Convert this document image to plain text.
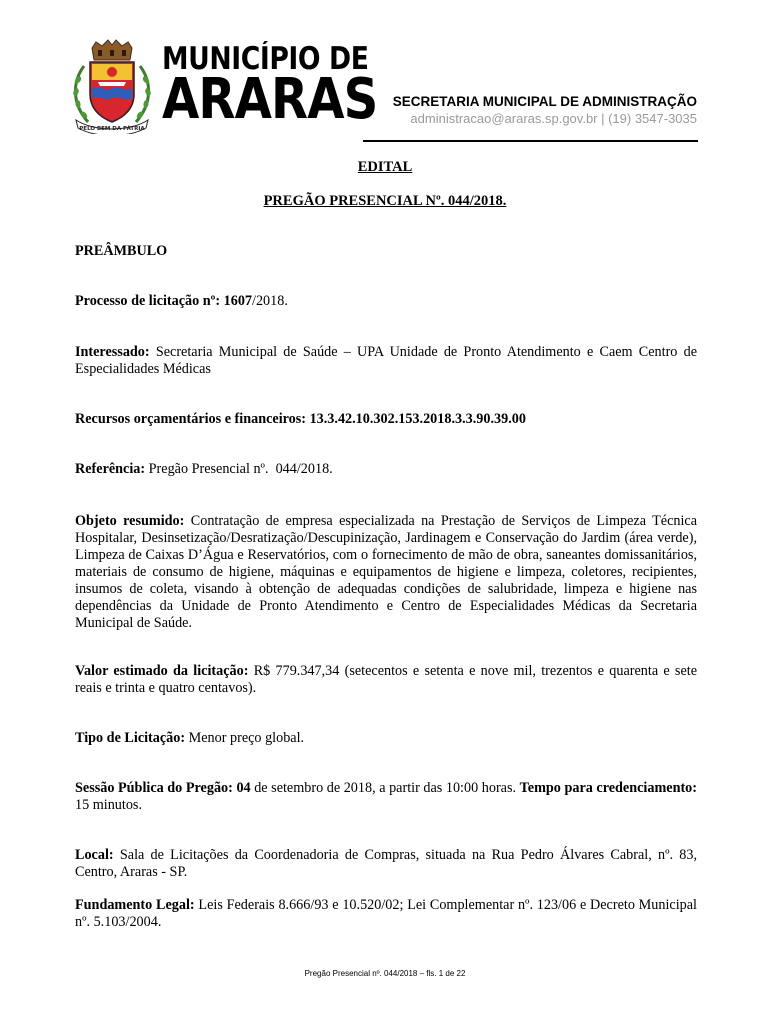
PELO BEM DA PÁTRIA
MUNICÍPIO DE
ARARAS SECRETARIA MUNICIPAL DE ADMINISTRAÇÃO
administracao@araras.sp.gov.br | (19) 3547-3035
EDITAL
PREGÃO PRESENCIAL Nº. 044/2018.
PREÂMBULO
Processo de licitação nº: 1607/2018.
Interessado: Secretaria Municipal de Saúde – UPA Unidade de Pronto Atendimento e Caem Centro de Especialidades Médicas
Recursos orçamentários e financeiros: 13.3.42.10.302.153.2018.3.3.90.39.00
Referência: Pregão Presencial nº.  044/2018.
Objeto resumido: Contratação de empresa especializada na Prestação de Serviços de Limpeza Técnica Hospitalar, Desinsetização/Desratização/Descupinização, Jardinagem e Conservação do Jardim (área verde), Limpeza de Caixas D’Água e Reservatórios, com o fornecimento de mão de obra, saneantes domissanitários, materiais de consumo de higiene, máquinas e equipamentos de higiene e limpeza, coletores, recipientes, insumos de coleta, visando à obtenção de adequadas condições de salubridade, limpeza e higiene nas dependências da Unidade de Pronto Atendimento e Centro de Especialidades Médicas da Secretaria Municipal de Saúde.
Valor estimado da licitação: R$ 779.347,34 (setecentos e setenta e nove mil, trezentos e quarenta e sete reais e trinta e quatro centavos).
Tipo de Licitação: Menor preço global.
Sessão Pública do Pregão: 04 de setembro de 2018, a partir das 10:00 horas. Tempo para credenciamento: 15 minutos.
Local: Sala de Licitações da Coordenadoria de Compras, situada na Rua Pedro Álvares Cabral, nº. 83, Centro, Araras - SP.
Fundamento Legal: Leis Federais 8.666/93 e 10.520/02; Lei Complementar nº. 123/06 e Decreto Municipal nº. 5.103/2004.
Pregão Presencial nº. 044/2018 – fls. 1 de 22
